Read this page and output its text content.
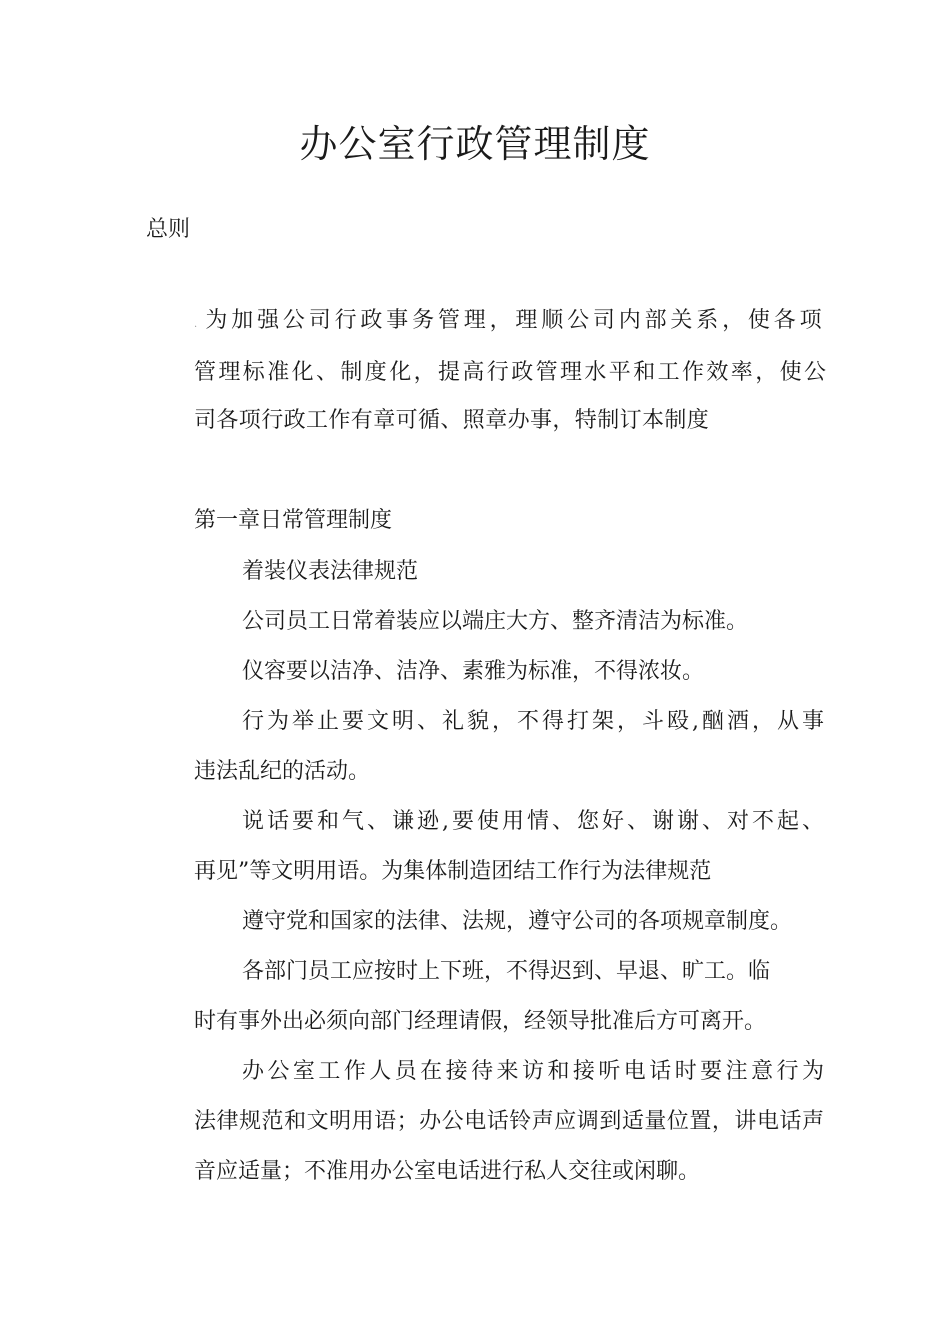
办公室行政管理制度
总则
. 为加强公司行政事务管理，理顺公司内部关系，使各项
管理标准化、制度化，提高行政管理水平和工作效率，使公
司各项行政工作有章可循、照章办事，特制订本制度
第一章日常管理制度
着装仪表法律规范
公司员工日常着装应以端庄大方、整齐清洁为标准。
仪容要以洁净、洁净、素雅为标准，不得浓妆。
行为举止要文明、礼貌，不得打架，斗殴,酗酒，从事
违法乱纪的活动。
说话要和气、谦逊,要使用情、您好、谢谢、对不起、
再见”等文明用语。为集体制造团结工作行为法律规范
遵守党和国家的法律、法规，遵守公司的各项规章制度。
各部门员工应按时上下班，不得迟到、早退、旷工。临
时有事外出必须向部门经理请假，经领导批准后方可离开。
办公室工作人员在接待来访和接听电话时要注意行为
法律规范和文明用语；办公电话铃声应调到适量位置，讲电话声
音应适量；不准用办公室电话进行私人交往或闲聊。
